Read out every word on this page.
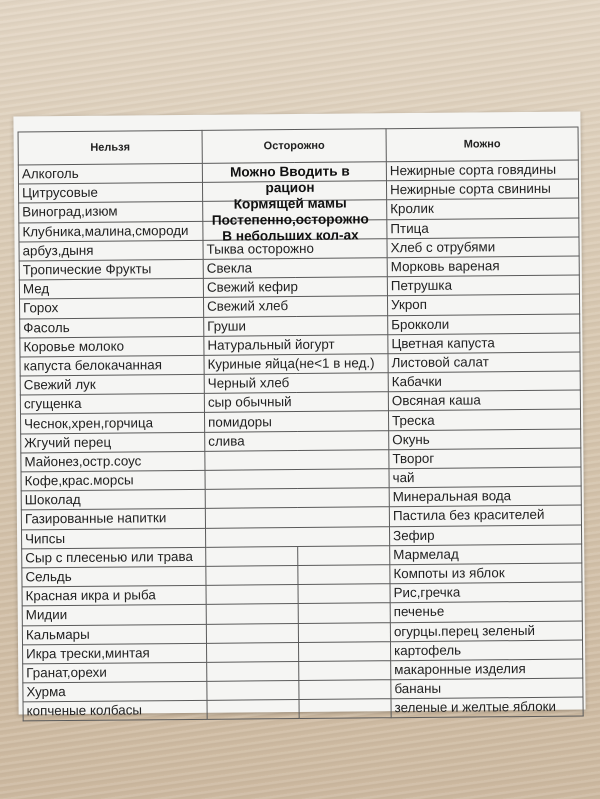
Нельзя	Осторожно		Можно
Алкоголь			Нежирные сорта говядины
Цитрусовые			Нежирные сорта свинины
Виноград,изюм			Кролик
Клубника,малина,смороди			Птица
арбуз,дыня	Тыква осторожно		Хлеб с отрубями
Тропические Фрукты	Свекла		Морковь вареная
Мед	Свежий кефир		Петрушка
Горох	Свежий хлеб		Укроп
Фасоль	Груши		Брокколи
Коровье молоко	Натуральный йогурт		Цветная капуста
капуста белокачанная	Куриные яйца(не<1 в нед.)		Листовой салат
Свежий лук	Черный хлеб		Кабачки
сгущенка	сыр обычный		Овсяная каша
Чеснок,хрен,горчица	помидоры		Треска
Жгучий перец	слива		Окунь
Майонез,остр.соус			Творог
Кофе,крас.морсы			чай
Шоколад			Минеральная вода
Газированные напитки			Пастила без красителей
Чипсы			Зефир
Сыр с плесенью или трава			Мармелад
Сельдь			Компоты из яблок
Красная икра и рыба			Рис,гречка
Мидии			печенье
Кальмары			огурцы.перец зеленый
Икра трески,минтая			картофель
Гранат,орехи			макаронные изделия
Хурма			бананы
копченые колбасы			зеленые и желтые яблоки
Можно Вводить в
рацион
Кормящей мамы
Постепенно,осторожно
В небольших кол-ах
